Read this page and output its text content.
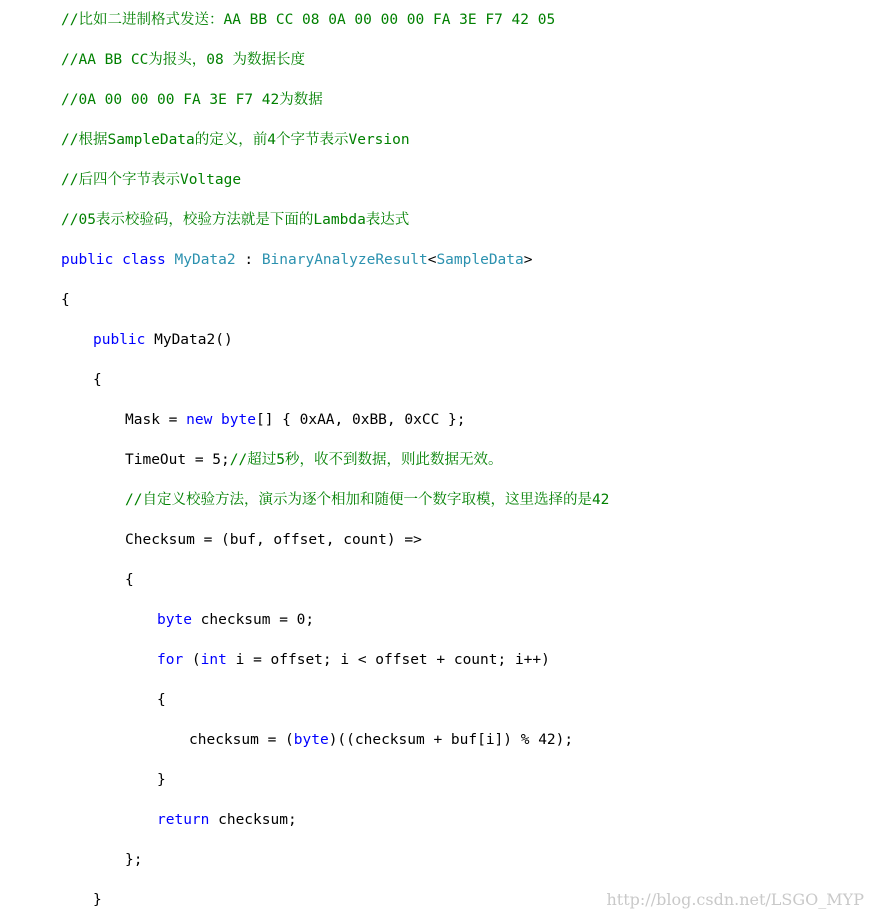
//比如二进制格式发送：AA BB CC 08 0A 00 00 00 FA 3E F7 42 05
//AA BB CC为报头，08 为数据长度
//0A 00 00 00 FA 3E F7 42为数据
//根据SampleData的定义，前4个字节表示Version
//后四个字节表示Voltage
//05表示校验码，校验方法就是下面的Lambda表达式
public class MyData2 : BinaryAnalyzeResult<SampleData>
{
public MyData2()
{
Mask = new byte[] { 0xAA, 0xBB, 0xCC };
TimeOut = 5;//超过5秒，收不到数据，则此数据无效。
//自定义校验方法，演示为逐个相加和随便一个数字取模，这里选择的是42
Checksum = (buf, offset, count) =>
{
byte checksum = 0;
for (int i = offset; i < offset + count; i++)
{
checksum = (byte)((checksum + buf[i]) % 42);
}
return checksum;
};
}	http://blog.csdn.net/LSGO_MYP
